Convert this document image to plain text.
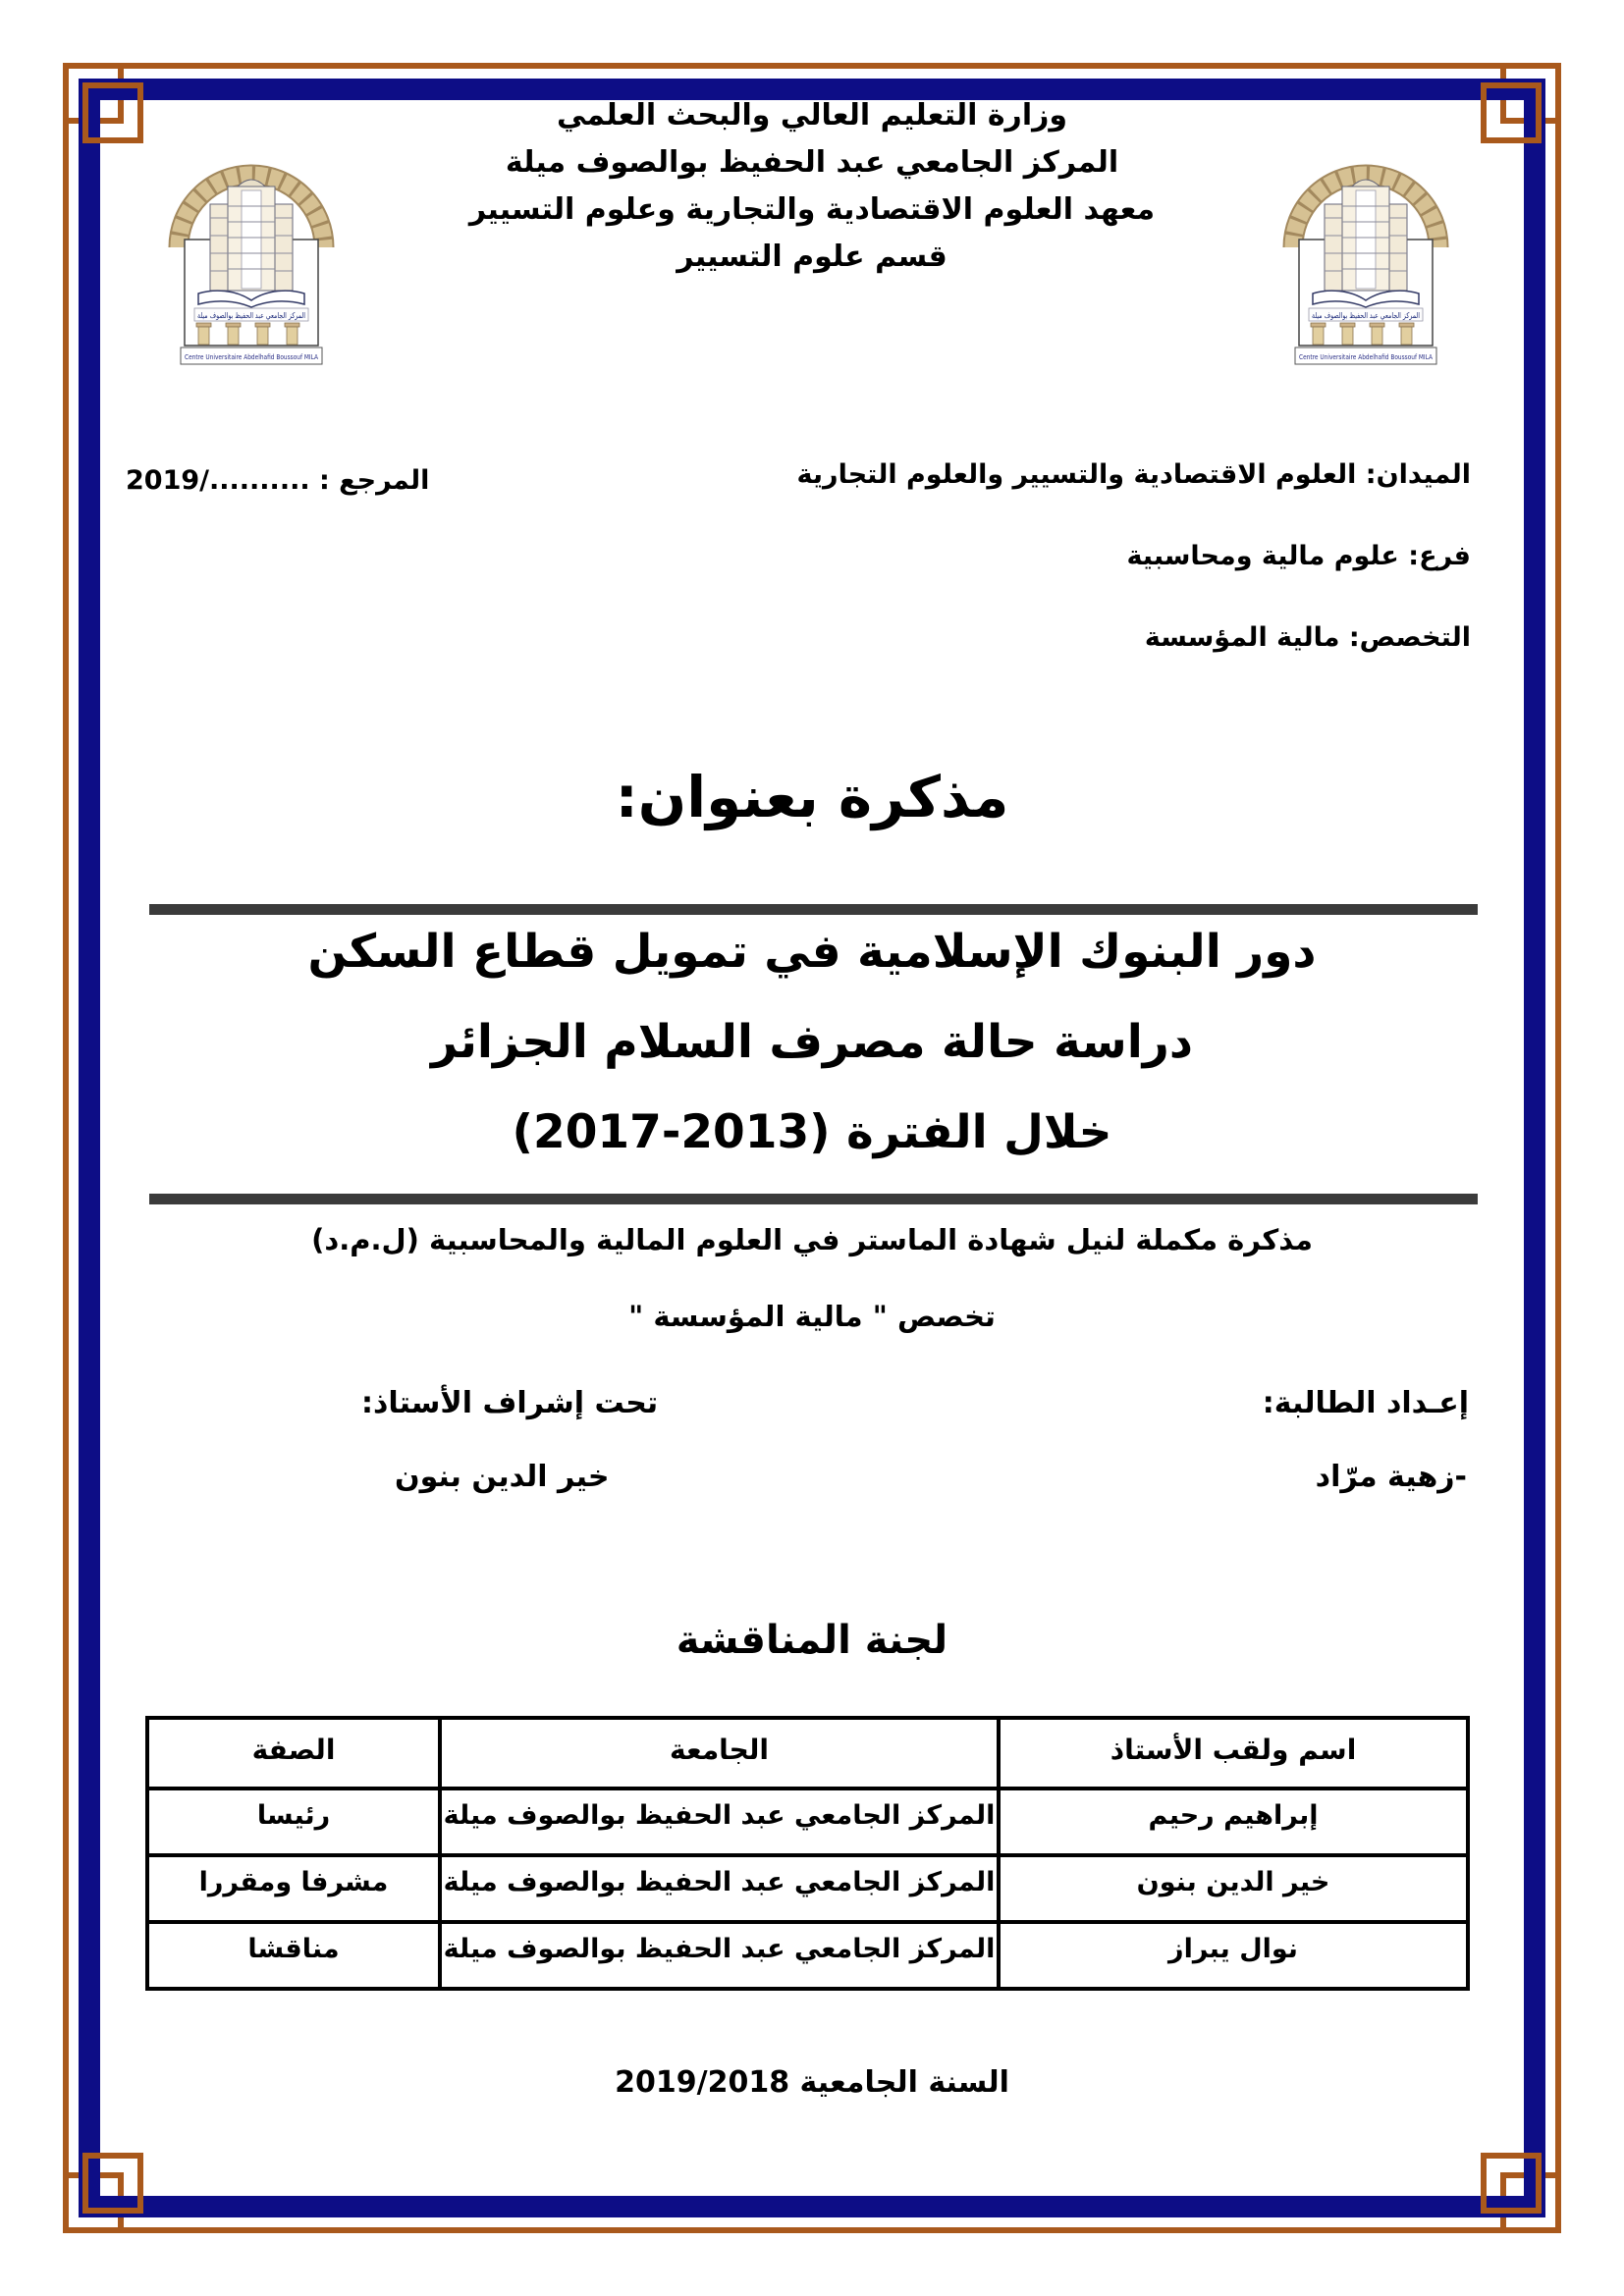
المركز الجامعي عبد الحفيظ بوالصوف ميلة
Centre Universitaire Abdelhafid Boussouf MILA
المركز الجامعي عبد الحفيظ بوالصوف ميلة
Centre Universitaire Abdelhafid Boussouf MILA
وزارة التعليم العالي والبحث العلمي
المركز الجامعي عبد الحفيظ بوالصوف ميلة
معهد العلوم الاقتصادية والتجارية وعلوم التسيير
قسم علوم التسيير
المرجع : ........../2019	الميدان: العلوم الاقتصادية والتسيير والعلوم التجارية
فرع: علوم مالية ومحاسبية
التخصص: مالية المؤسسة
مذكرة بعنوان:
دور البنوك الإسلامية في تمويل قطاع السكن
دراسة حالة مصرف السلام الجزائر
خلال الفترة (2013‏-‏2017)
مذكرة مكملة لنيل شهادة الماستر في العلوم المالية والمحاسبية (ل.م.د)
تخصص " مالية المؤسسة "
إعـداد الطالبة:
تحت إشراف الأستاذ:
-زهية مرّاد
خير الدين بنون
لجنة المناقشة
اسم ولقب الأستاذ	الجامعة	الصفة
إبراهيم رحيم	المركز الجامعي عبد الحفيظ بوالصوف ميلة	رئيسا
خير الدين بنون	المركز الجامعي عبد الحفيظ بوالصوف ميلة	مشرفا ومقررا
نوال يبراز	المركز الجامعي عبد الحفيظ بوالصوف ميلة	مناقشا
السنة الجامعية 2019/2018
